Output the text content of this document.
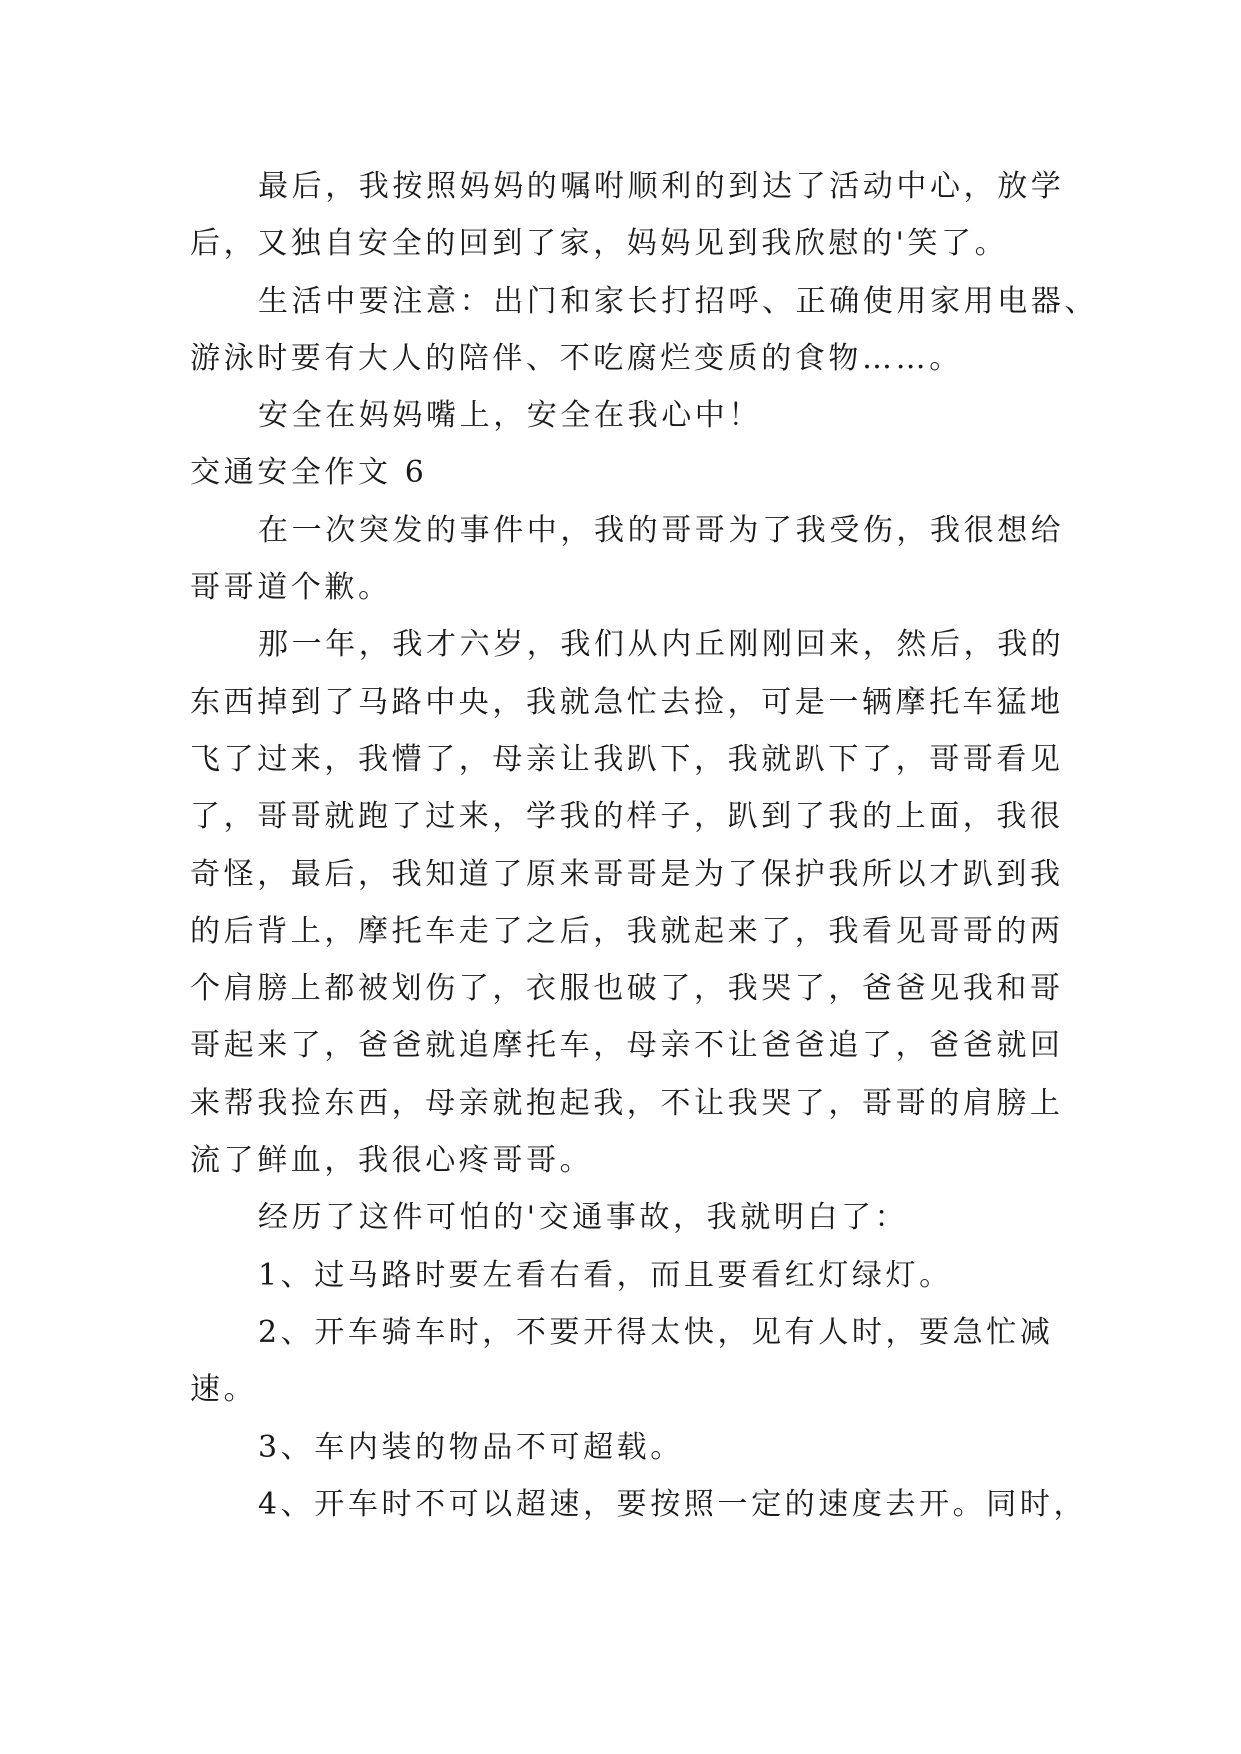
最后，我按照妈妈的嘱咐顺利的到达了活动中心，放学
后，又独自安全的回到了家，妈妈见到我欣慰的'笑了。
生活中要注意：出门和家长打招呼、正确使用家用电器、
游泳时要有大人的陪伴、不吃腐烂变质的食物……。
安全在妈妈嘴上，安全在我心中！
交通安全作文 6
在一次突发的事件中，我的哥哥为了我受伤，我很想给
哥哥道个歉。
那一年，我才六岁，我们从内丘刚刚回来，然后，我的
东西掉到了马路中央，我就急忙去捡，可是一辆摩托车猛地
飞了过来，我懵了，母亲让我趴下，我就趴下了，哥哥看见
了，哥哥就跑了过来，学我的样子，趴到了我的上面，我很
奇怪，最后，我知道了原来哥哥是为了保护我所以才趴到我
的后背上，摩托车走了之后，我就起来了，我看见哥哥的两
个肩膀上都被划伤了，衣服也破了，我哭了，爸爸见我和哥
哥起来了，爸爸就追摩托车，母亲不让爸爸追了，爸爸就回
来帮我捡东西，母亲就抱起我，不让我哭了，哥哥的肩膀上
流了鲜血，我很心疼哥哥。
经历了这件可怕的'交通事故，我就明白了：
1、过马路时要左看右看，而且要看红灯绿灯。
2、开车骑车时，不要开得太快，见有人时，要急忙减
速。
3、车内装的物品不可超载。
4、开车时不可以超速，要按照一定的速度去开。同时，
